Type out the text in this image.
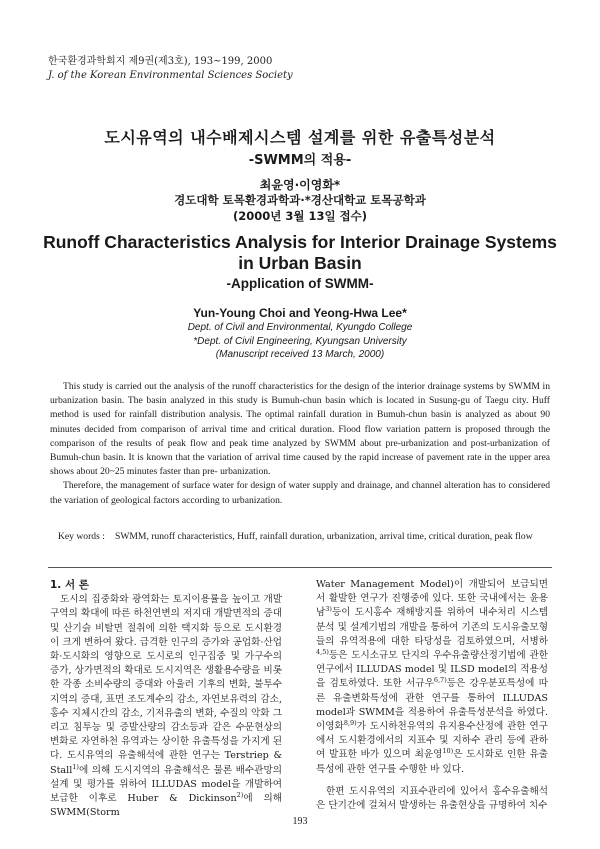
한국환경과학회지 제9권(제3호), 193~199, 2000
J. of the Korean Environmental Sciences Society
도시유역의 내수배제시스템 설계를 위한 유출특성분석
-SWMM의 적용-
최윤영·이영화*
경도대학 토목환경과학과·*경산대학교 토목공학과
(2000년 3월 13일 접수)
Runoff Characteristics Analysis for Interior Drainage Systems in Urban Basin
-Application of SWMM-
Yun-Young Choi and Yeong-Hwa Lee*
Dept. of Civil and Environmental, Kyungdo College
*Dept. of Civil Engineering, Kyungsan University
(Manuscript received 13 March, 2000)

This study is carried out the analysis of the runoff characteristics for the design of the interior drainage systems by SWMM in urbanization basin. The basin analyzed in this study is Bumuh-chun basin which is located in Susung-gu of Taegu city. Huff method is used for rainfall distribution analysis. The optimal rainfall duration in Bumuh-chun basin is analyzed as about 90 minutes decided from comparison of arrival time and critical duration. Flood flow variation pattern is proposed through the comparison of the results of peak flow and peak time analyzed by SWMM about pre-urbanization and post-urbanization of Bumuh-chun basin. It is known that the variation of arrival time caused by the rapid increase of pavement rate in the upper area shows about 20~25 minutes faster than pre- urbanization.

Therefore, the management of surface water for design of water supply and drainage, and channel alteration has to considered the variation of geological factors according to urbanization.

Key words : SWMM, runoff characteristics, Huff, rainfall duration, urbanization, arrival time, critical duration, peak flow
1. 서 론

도시의 집중화와 광역화는 토지이용률을 높이고 개발구역의 확대에 따른 하천연변의 저지대 개발면적의 증대 및 산기슭 비탈면 절취에 의한 택지화 등으로 도시환경이 크게 변하여 왔다. 급격한 인구의 증가와 공업화·산업화·도시화의 영향으로 도시로의 인구집중 및 가구수의 증가, 상가면적의 확대로 도시지역은 생활용수량을 비롯한 각종 소비수량의 증대와 아울러 기후의 변화, 불투수지역의 증대, 표면 조도계수의 감소, 자연보유력의 감소, 홍수 지체시간의 감소, 기저유출의 변화, 수질의 악화 그리고 침투능 및 증발산량의 감소등과 같은 수문현상의 변화로 자연하천 유역과는 상이한 유출특성을 가지게 된다. 도시유역의 유출해석에 관한 연구는 Terstriep & Stall$^{1)}$에 의해 도시지역의 유출해석은 물론 배수관망의 설계 및 평가를 위하여 ILLUDAS model을 개발하여 보급한 이후로 Huber & Dickinson$^{2)}$에 의해 SWMM(Storm

Water Management Model)이 개발되어 보급되면서 활발한 연구가 진행중에 있다. 또한 국내에서는 윤용남$^{3)}$등이 도시홍수 재해방지를 위하여 내수처리 시스템분석 및 설계기법의 개발을 통하여 기존의 도시유출모형들의 유역적용에 대한 타당성을 검토하였으며, 서병하$^{4,5)}$등은 도시소규모 단지의 우수유출량산정기법에 관한 연구에서 ILLUDAS model 및 ILSD model의 적용성을 검토하였다. 또한 서규우$^{6,7)}$등은 강우분포특성에 따른 유출변화특성에 관한 연구를 통하여 ILLUDAS model과 SWMM을 적용하여 유출특성분석을 하였다. 이영화$^{8,9)}$가 도시하천유역의 유지용수산정에 관한 연구에서 도시환경에서의 지표수 및 지하수 관리 등에 관하여 발표한 바가 있으며 최윤영$^{10)}$은 도시화로 인한 유출특성에 관한 연구를 수행한 바 있다.

한편 도시유역의 지표수관리에 있어서 홍수유출해석은 단기간에 걸쳐서 발생하는 유출현상을 규명하여 치수

193
